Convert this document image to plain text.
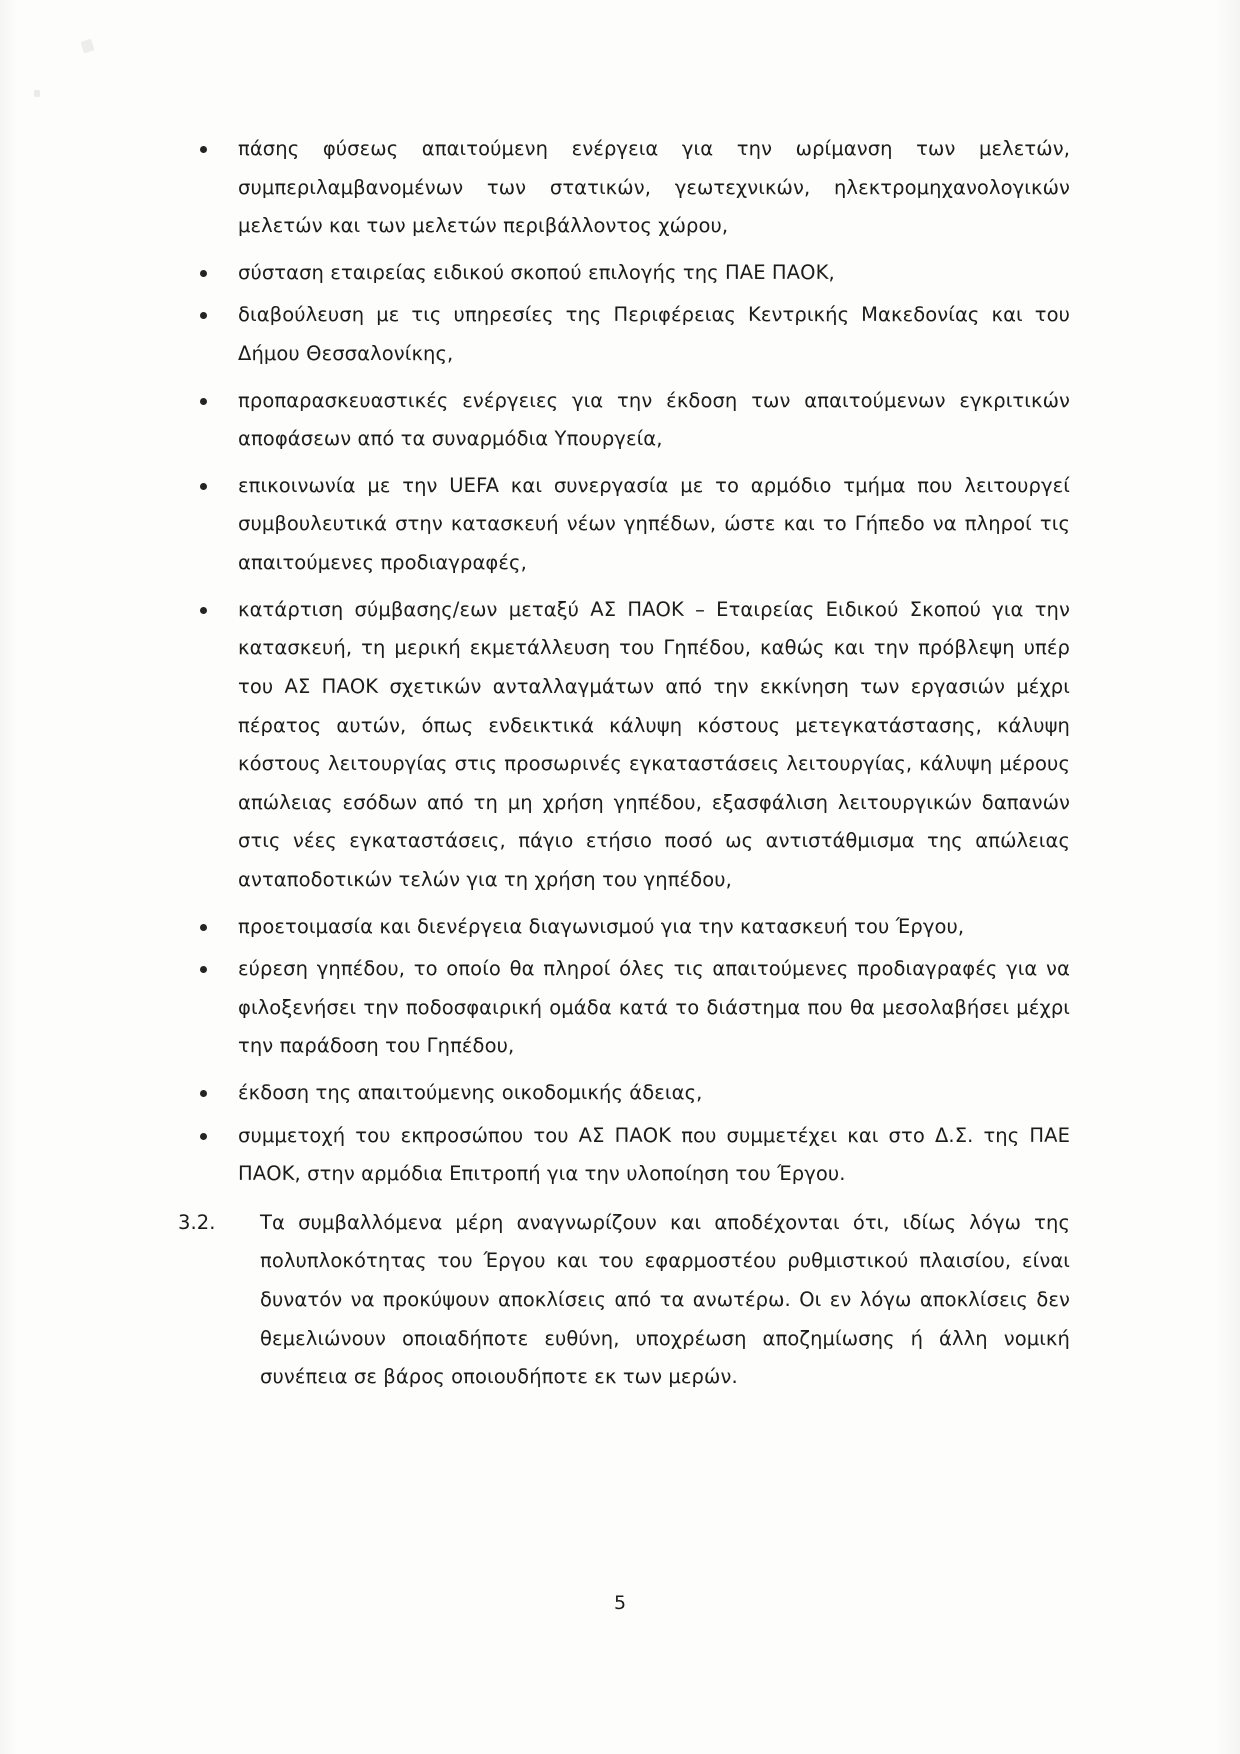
πάσης φύσεως απαιτούμενη ενέργεια για την ωρίμανση των μελετών, συμπεριλαμβανομένων των στατικών, γεωτεχνικών, ηλεκτρομηχανολογικών μελετών και των μελετών περιβάλλοντος χώρου,
σύσταση εταιρείας ειδικού σκοπού επιλογής της ΠΑΕ ΠΑΟΚ,
διαβούλευση με τις υπηρεσίες της Περιφέρειας Κεντρικής Μακεδονίας και του Δήμου Θεσσαλονίκης,
προπαρασκευαστικές ενέργειες για την έκδοση των απαιτούμενων εγκριτικών αποφάσεων από τα συναρμόδια Υπουργεία,
επικοινωνία με την UEFA και συνεργασία με το αρμόδιο τμήμα που λειτουργεί συμβουλευτικά στην κατασκευή νέων γηπέδων, ώστε και το Γήπεδο να πληροί τις απαιτούμενες προδιαγραφές,
κατάρτιση σύμβασης/εων μεταξύ ΑΣ ΠΑΟΚ – Εταιρείας Ειδικού Σκοπού για την κατασκευή, τη μερική εκμετάλλευση του Γηπέδου, καθώς και την πρόβλεψη υπέρ του ΑΣ ΠΑΟΚ σχετικών ανταλλαγμάτων από την εκκίνηση των εργασιών μέχρι πέρατος αυτών, όπως ενδεικτικά κάλυψη κόστους μετεγκατάστασης, κάλυψη κόστους λειτουργίας στις προσωρινές εγκαταστάσεις λειτουργίας, κάλυψη μέρους απώλειας εσόδων από τη μη χρήση γηπέδου, εξασφάλιση λειτουργικών δαπανών στις νέες εγκαταστάσεις, πάγιο ετήσιο ποσό ως αντιστάθμισμα της απώλειας ανταποδοτικών τελών για τη χρήση του γηπέδου,
προετοιμασία και διενέργεια διαγωνισμού για την κατασκευή του Έργου,
εύρεση γηπέδου, το οποίο θα πληροί όλες τις απαιτούμενες προδιαγραφές για να φιλοξενήσει την ποδοσφαιρική ομάδα κατά το διάστημα που θα μεσολαβήσει μέχρι την παράδοση του Γηπέδου,
έκδοση της απαιτούμενης οικοδομικής άδειας,
συμμετοχή του εκπροσώπου του ΑΣ ΠΑΟΚ που συμμετέχει και στο Δ.Σ. της ΠΑΕ ΠΑΟΚ, στην αρμόδια Επιτροπή για την υλοποίηση του Έργου.

3.2. Τα συμβαλλόμενα μέρη αναγνωρίζουν και αποδέχονται ότι, ιδίως λόγω της πολυπλοκότητας του Έργου και του εφαρμοστέου ρυθμιστικού πλαισίου, είναι δυνατόν να προκύψουν αποκλίσεις από τα ανωτέρω. Οι εν λόγω αποκλίσεις δεν θεμελιώνουν οποιαδήποτε ευθύνη, υποχρέωση αποζημίωσης ή άλλη νομική συνέπεια σε βάρος οποιουδήποτε εκ των μερών.

5
